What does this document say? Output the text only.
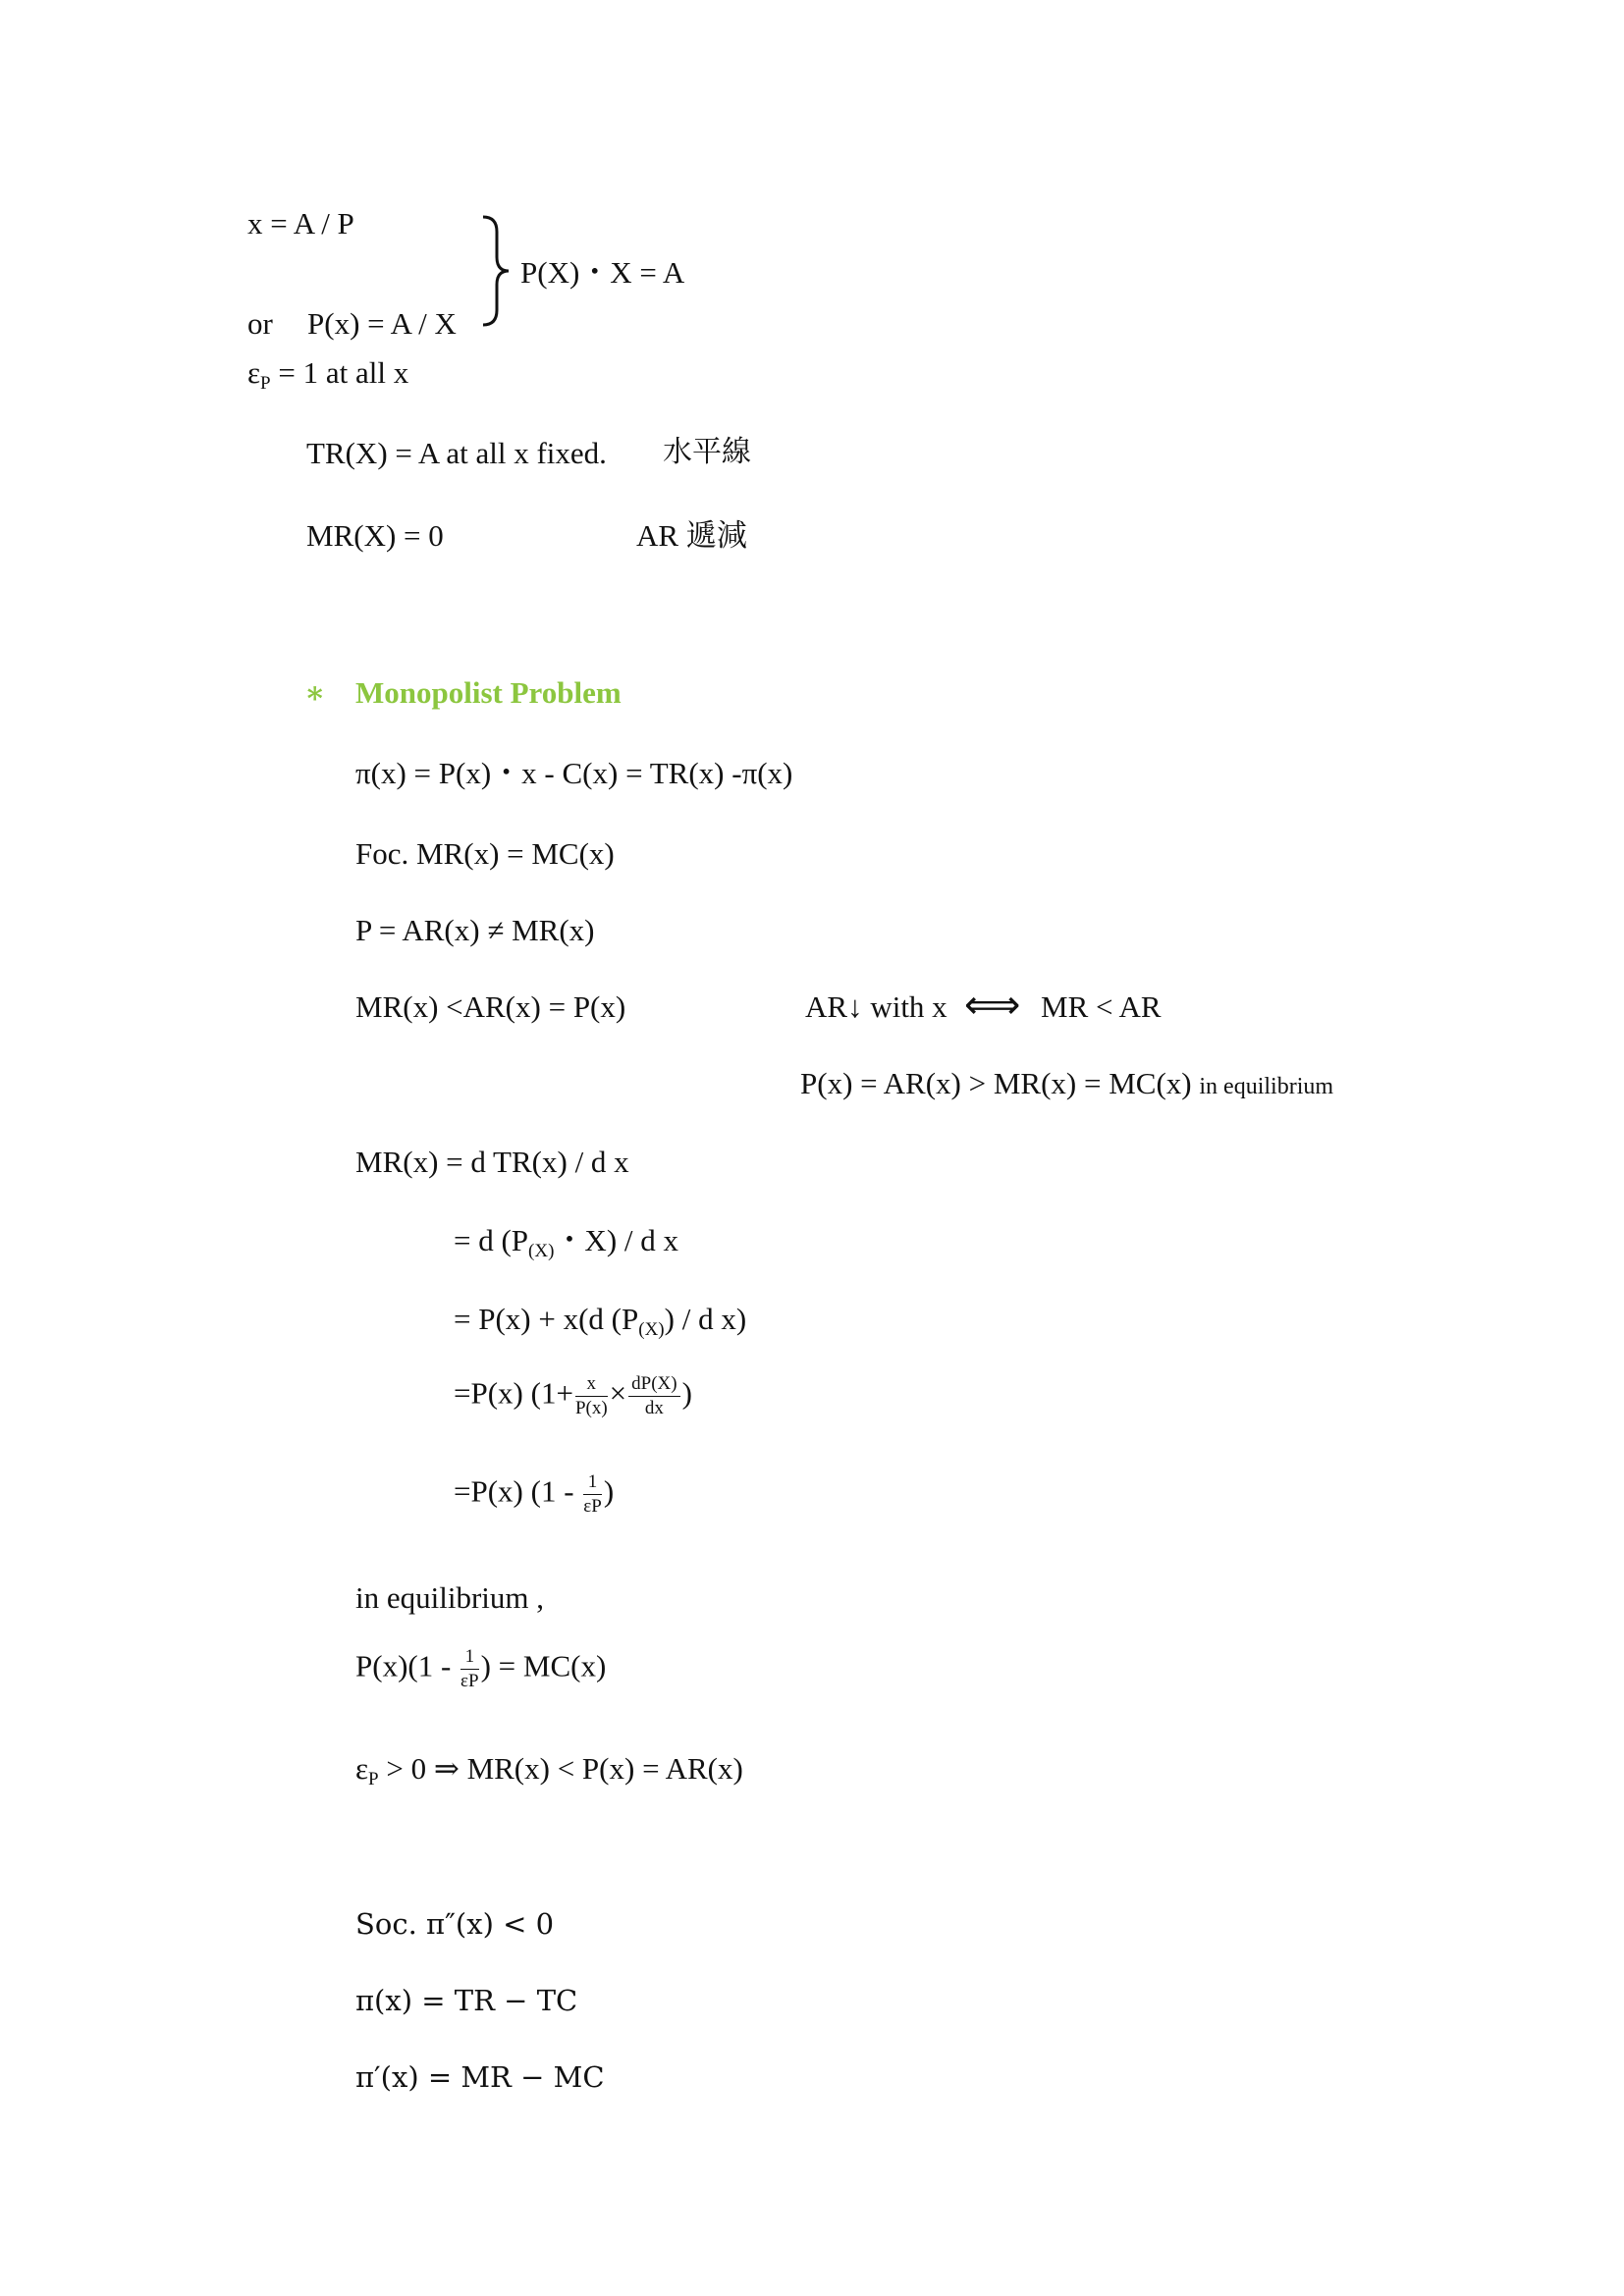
x = A / P
or P(x) = A / X
P(X)・X = A
$\varepsilon_P = 1$ at all x
TR(X) = A at all x fixed. 水平線
MR(X) = 0	AR 遞減
∗ Monopolist Problem
π(x) = P(x)・x - C(x) = TR(x) -π(x)
Foc. MR(x) = MC(x)
P = AR(x) ≠ MR(x)
MR(x) <AR(x) = P(x)	AR↓ with x ⟺ MR < AR
P(x) = AR(x) > MR(x) = MC(x) in equilibrium
MR(x) = d TR(x) / d x
= d ($P_{(X)}$・X) / d x
= P(x) + x(d $(P_{(X)})$ / d x)
=P(x) ($1+ \frac{x}{P(x)} \times \frac{dP(X)}{dx}$ )
=P(x) ($1 - \frac{1}{\varepsilon P}$ )
in equilibrium ,
$P(x)(1 - \frac{1}{\varepsilon P}$ ) = MC(x)
$\varepsilon_P > 0$ ⇒ MR(x) < P(x) = AR(x)
Soc. π″(x) < 0
π(x) = TR − TC
π′(x) = MR − MC
